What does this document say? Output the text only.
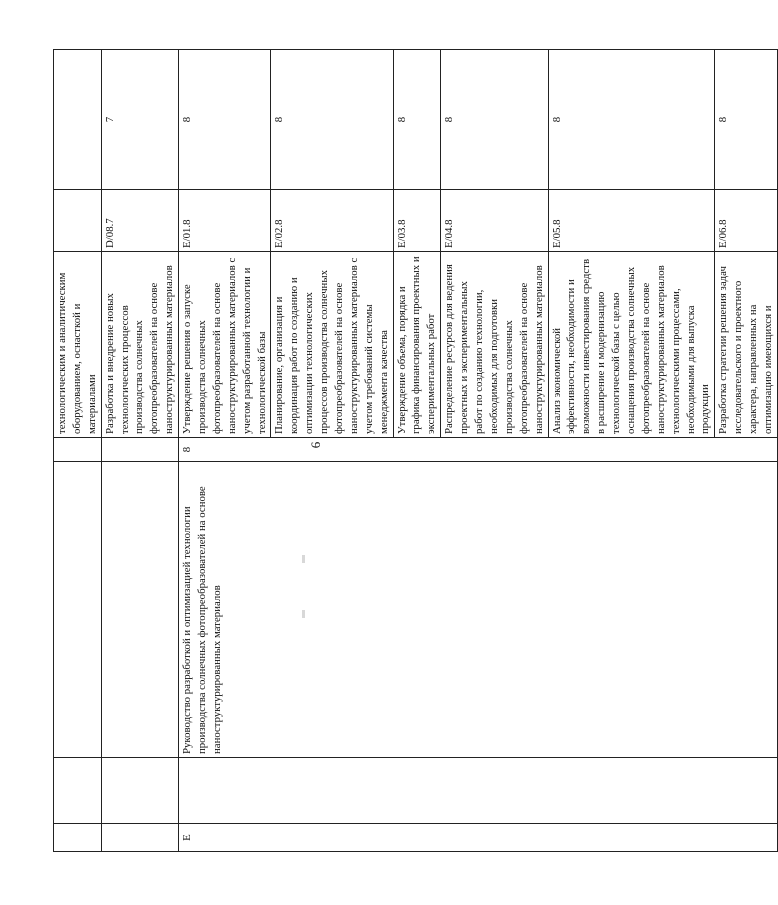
6
				технологическим и аналитическим оборудованием, оснасткой и материалами		
				Разработка и внедрение новых технологических процессов производства солнечных фотопреобразователей на основе наноструктурированных материалов	D/08.7	7
E		Руководство разработкой и оптимизацией технологии производства солнечных фотопреобразователей на основе наноструктурированных материалов	8	Утверждение решения о запуске производства солнечных фотопреобразователей на основе наноструктурированных материалов с учетом разработанной технологии и технологической базы	E/01.8	8
				Планирование, организация и координация работ по созданию и оптимизации технологических процессов производства солнечных фотопреобразователей на основе наноструктурированных материалов с учетом требований системы менеджмента качества	E/02.8	8
				Утверждение объема, порядка и графика финансирования проектных и экспериментальных работ	E/03.8	8
				Распределение ресурсов для ведения проектных и экспериментальных работ по созданию технологии, необходимых для подготовки производства солнечных фотопреобразователей на основе наноструктурированных материалов	E/04.8	8
				Анализ экономической эффективности, необходимости и возможности инвестирования средств в расширение и модернизацию технологической базы с целью оснащения производства солнечных фотопреобразователей на основе наноструктурированных материалов технологическими процессами, необходимыми для выпуска продукции	E/05.8	8
				Разработка стратегии решения задач исследовательского и проектного характера, направленных на оптимизацию имеющихся и	E/06.8	8
